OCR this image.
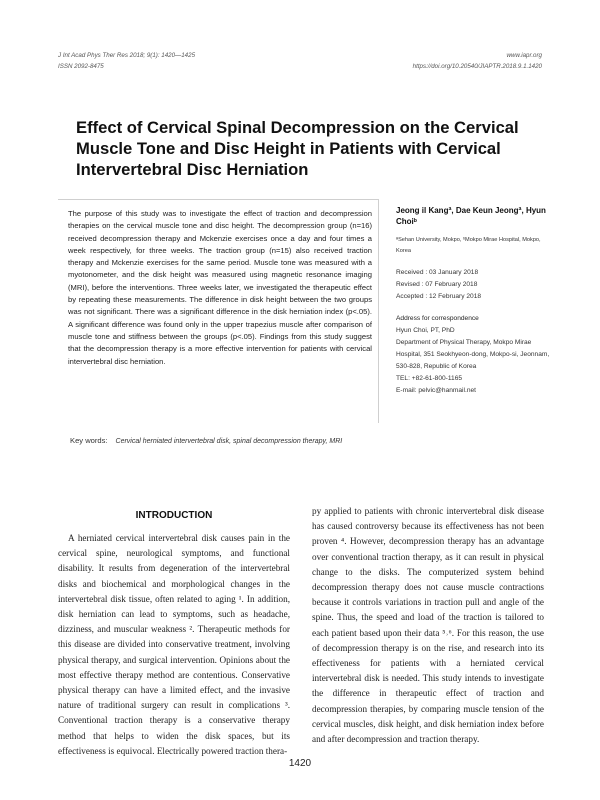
J Int Acad Phys Ther Res 2018; 9(1): 1420—1425
ISSN 2092-8475
www.iapr.org
https://doi.org/10.20540/JIAPTR.2018.9.1.1420
Effect of Cervical Spinal Decompression on the Cervical Muscle Tone and Disc Height in Patients with Cervical Intervertebral Disc Herniation

The purpose of this study was to investigate the effect of traction and decompression therapies on the cervical muscle tone and disc height. The decompression group (n=16) received decompression therapy and Mckenzie exercises once a day and four times a week respectively, for three weeks. The traction group (n=15) also received traction therapy and Mckenzie exercises for the same period. Muscle tone was measured with a myotonometer, and the disk height was measured using magnetic resonance imaging (MRI), before the interventions. Three weeks later, we investigated the therapeutic effect by repeating these measurements. The difference in disk height between the two groups was not significant. There was a significant difference in the disk herniation index (p<.05). A significant difference was found only in the upper trapezius muscle after comparison of muscle tone and stiffness between the groups (p<.05). Findings from this study suggest that the decompression therapy is a more effective intervention for patients with cervical intervertebral disc herniation.

Jeong il Kangª, Dae Keun Jeongª, Hyun Choiᵇ
ªSehan University, Mokpo, ᵇMokpo Mirae Hospital, Mokpo, Korea
Received : 03 January 2018
Revised : 07 February 2018
Accepted : 12 February 2018
Address for correspondence
Hyun Choi, PT, PhD
Department of Physical Therapy, Mokpo Mirae Hospital, 351 Seokhyeon-dong, Mokpo-si, Jeonnam, 530-828, Republic of Korea
TEL: +82-61-800-1165
E-mail: pelvic@hanmail.net
Key words: Cervical herniated intervertebral disk, spinal decompression therapy, MRI
INTRODUCTION

A herniated cervical intervertebral disk causes pain in the cervical spine, neurological symptoms, and functional disability. It results from degeneration of the intervertebral disks and biochemical and morphological changes in the intervertebral disk tissue, often related to aging ¹. In addition, disk herniation can lead to symptoms, such as headache, dizziness, and muscular weakness ². Therapeutic methods for this disease are divided into conservative treatment, involving physical therapy, and surgical intervention. Opinions about the most effective therapy method are contentious. Conservative physical therapy can have a limited effect, and the invasive nature of traditional surgery can result in complications ³. Conventional traction therapy is a conservative therapy method that helps to widen the disk spaces, but its effectiveness is equivocal. Electrically powered traction thera-

py applied to patients with chronic intervertebral disk disease has caused controversy because its effectiveness has not been proven ⁴. However, decompression therapy has an advantage over conventional traction therapy, as it can result in physical change to the disks. The computerized system behind decompression therapy does not cause muscle contractions because it controls variations in traction pull and angle of the spine. Thus, the speed and load of the traction is tailored to each patient based upon their data ⁵˒⁶. For this reason, the use of decompression therapy is on the rise, and research into its effectiveness for patients with a herniated cervical intervertebral disk is needed. This study intends to investigate the difference in therapeutic effect of traction and decompression therapies, by comparing muscle tension of the cervical muscles, disk height, and disk herniation index before and after decompression and traction therapy.

1420
